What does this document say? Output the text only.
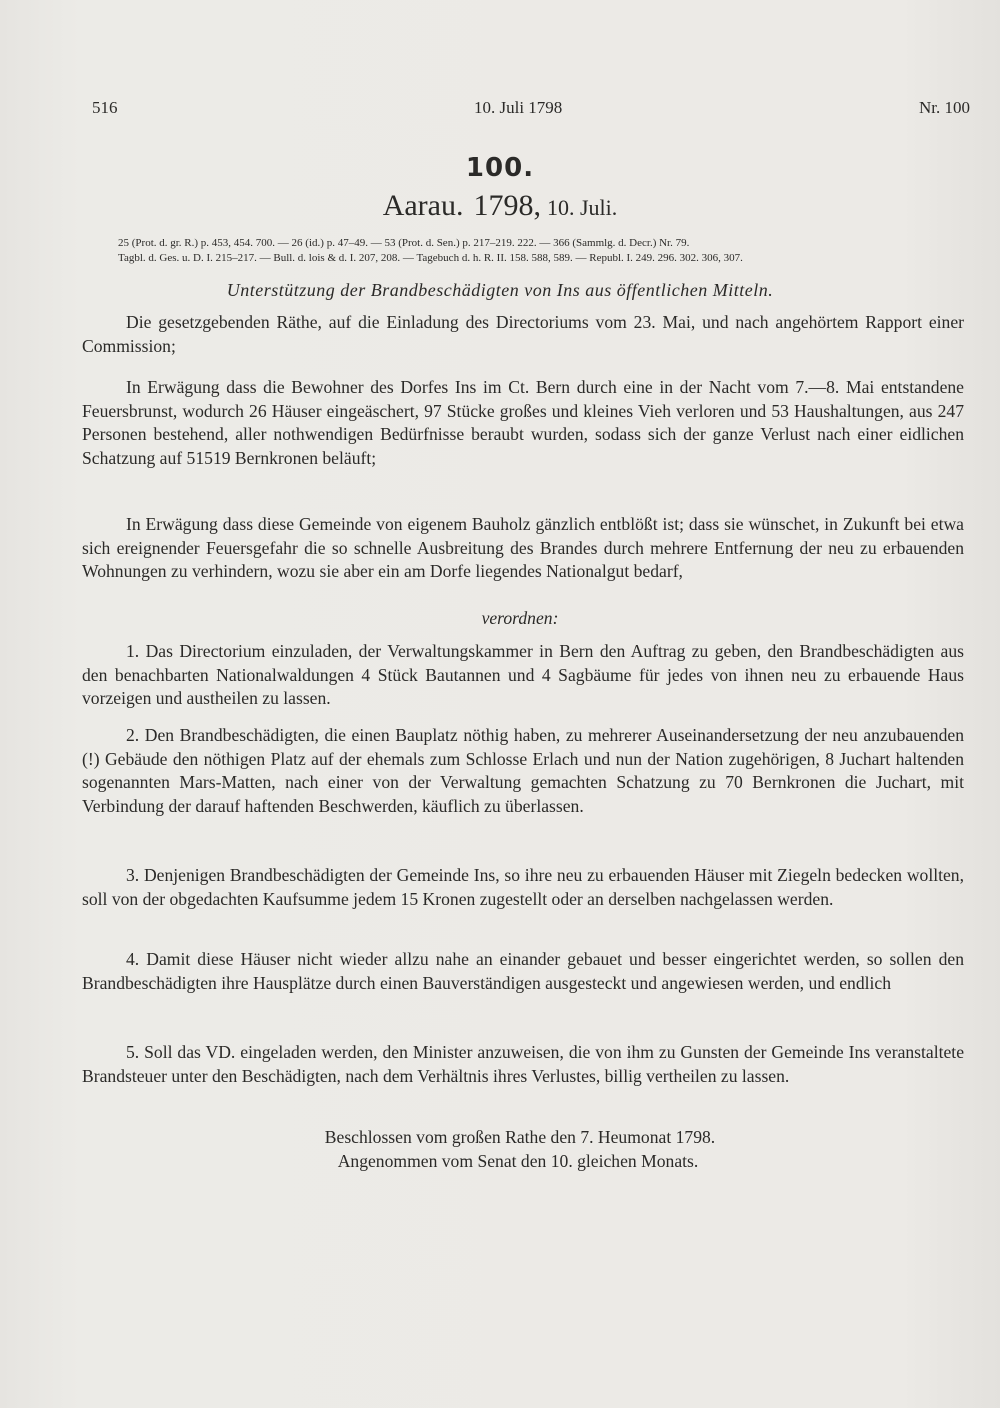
516	10. Juli 1798	Nr. 100
100.
Aarau. 1798, 10. Juli.
25 (Prot. d. gr. R.) p. 453, 454. 700. — 26 (id.) p. 47–49. — 53 (Prot. d. Sen.) p. 217–219. 222. — 366 (Sammlg. d. Decr.) Nr. 79.
Tagbl. d. Ges. u. D. I. 215–217. — Bull. d. lois & d. I. 207, 208. — Tagebuch d. h. R. II. 158. 588, 589. — Republ. I. 249. 296. 302. 306, 307.
Unterstützung der Brandbeschädigten von Ins aus öffentlichen Mitteln.

Die gesetzgebenden Räthe, auf die Einladung des Directoriums vom 23. Mai, und nach angehörtem Rapport einer Commission;

In Erwägung dass die Bewohner des Dorfes Ins im Ct. Bern durch eine in der Nacht vom 7.—8. Mai entstandene Feuersbrunst, wodurch 26 Häuser eingeäschert, 97 Stücke großes und kleines Vieh verloren und 53 Haushaltungen, aus 247 Personen bestehend, aller nothwendigen Bedürfnisse beraubt wurden, sodass sich der ganze Verlust nach einer eidlichen Schatzung auf 51519 Bernkronen beläuft;

In Erwägung dass diese Gemeinde von eigenem Bauholz gänzlich entblößt ist; dass sie wünschet, in Zukunft bei etwa sich ereignender Feuersgefahr die so schnelle Ausbreitung des Brandes durch mehrere Entfernung der neu zu erbauenden Wohnungen zu verhindern, wozu sie aber ein am Dorfe liegendes Nationalgut bedarf,

verordnen:

1. Das Directorium einzuladen, der Verwaltungskammer in Bern den Auftrag zu geben, den Brandbeschädigten aus den benachbarten Nationalwaldungen 4 Stück Bautannen und 4 Sagbäume für jedes von ihnen neu zu erbauende Haus vorzeigen und austheilen zu lassen.

2. Den Brandbeschädigten, die einen Bauplatz nöthig haben, zu mehrerer Auseinandersetzung der neu anzubauenden (!) Gebäude den nöthigen Platz auf der ehemals zum Schlosse Erlach und nun der Nation zugehörigen, 8 Juchart haltenden sogenannten Mars-Matten, nach einer von der Verwaltung gemachten Schatzung zu 70 Bernkronen die Juchart, mit Verbindung der darauf haftenden Beschwerden, käuflich zu überlassen.

3. Denjenigen Brandbeschädigten der Gemeinde Ins, so ihre neu zu erbauenden Häuser mit Ziegeln bedecken wollten, soll von der obgedachten Kaufsumme jedem 15 Kronen zugestellt oder an derselben nachgelassen werden.

4. Damit diese Häuser nicht wieder allzu nahe an einander gebauet und besser eingerichtet werden, so sollen den Brandbeschädigten ihre Hausplätze durch einen Bauverständigen ausgesteckt und angewiesen werden, und endlich

5. Soll das VD. eingeladen werden, den Minister anzuweisen, die von ihm zu Gunsten der Gemeinde Ins veranstaltete Brandsteuer unter den Beschädigten, nach dem Verhältnis ihres Verlustes, billig vertheilen zu lassen.

Beschlossen vom großen Rathe den 7. Heumonat 1798.
Angenommen vom Senat den 10. gleichen Monats.
